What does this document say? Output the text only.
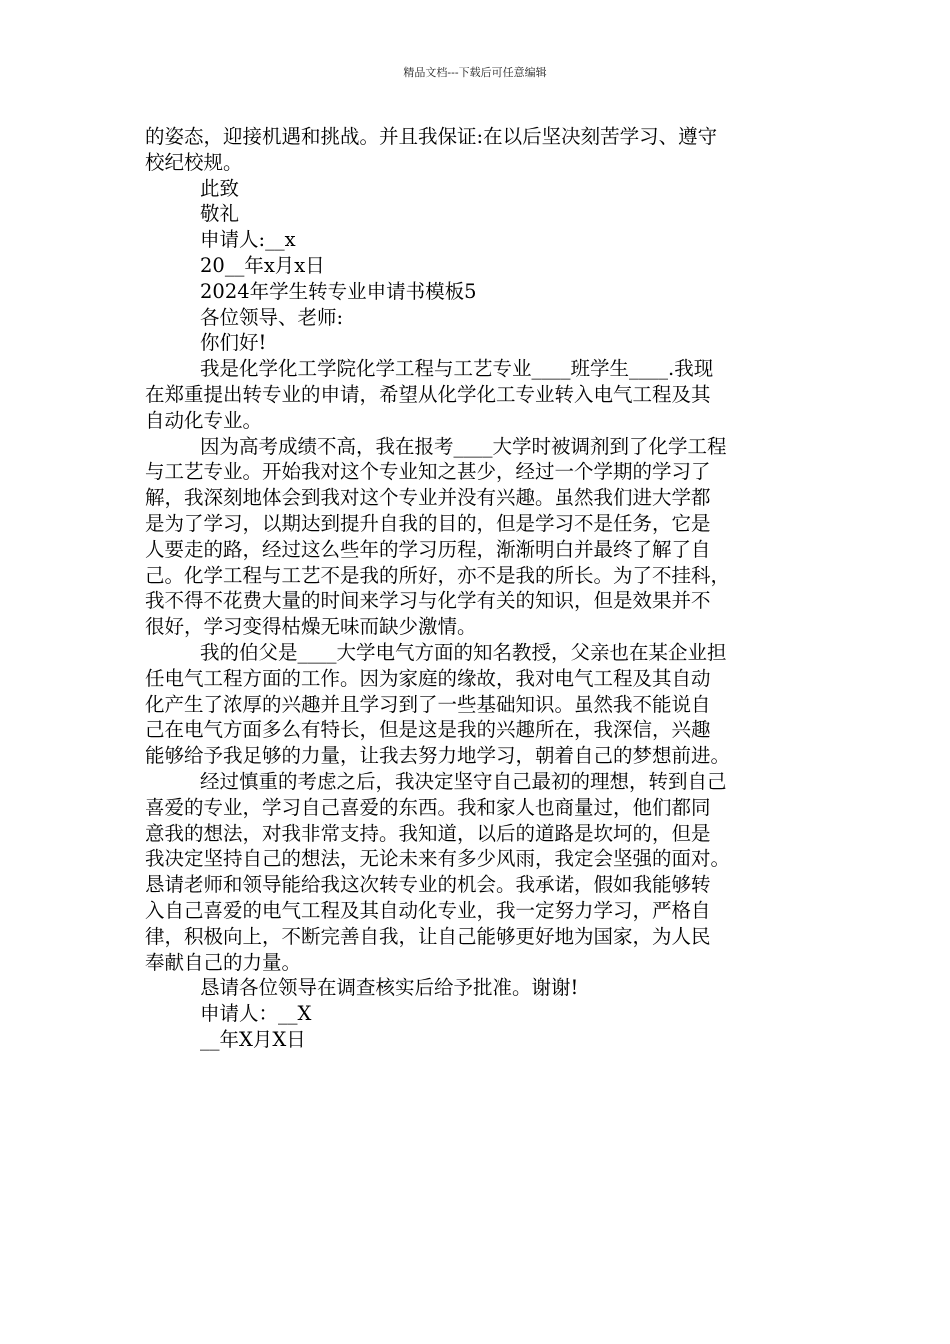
精品文档---下载后可任意编辑

的姿态，迎接机遇和挑战。并且我保证:在以后坚决刻苦学习、遵守

校纪校规。

此致

敬礼

申请人:__x

20__年x月x日

2024年学生转专业申请书模板5

各位领导、老师:

你们好!

我是化学化工学院化学工程与工艺专业____班学生____.我现

在郑重提出转专业的申请，希望从化学化工专业转入电气工程及其

自动化专业。

因为高考成绩不高，我在报考____大学时被调剂到了化学工程

与工艺专业。开始我对这个专业知之甚少，经过一个学期的学习了

解，我深刻地体会到我对这个专业并没有兴趣。虽然我们进大学都

是为了学习，以期达到提升自我的目的，但是学习不是任务，它是

人要走的路，经过这么些年的学习历程，渐渐明白并最终了解了自

己。化学工程与工艺不是我的所好，亦不是我的所长。为了不挂科，

我不得不花费大量的时间来学习与化学有关的知识，但是效果并不

很好，学习变得枯燥无味而缺少激情。

我的伯父是____大学电气方面的知名教授，父亲也在某企业担

任电气工程方面的工作。因为家庭的缘故，我对电气工程及其自动

化产生了浓厚的兴趣并且学习到了一些基础知识。虽然我不能说自

己在电气方面多么有特长，但是这是我的兴趣所在，我深信，兴趣

能够给予我足够的力量，让我去努力地学习，朝着自己的梦想前进。

经过慎重的考虑之后，我决定坚守自己最初的理想，转到自己

喜爱的专业，学习自己喜爱的东西。我和家人也商量过，他们都同

意我的想法，对我非常支持。我知道，以后的道路是坎坷的，但是

我决定坚持自己的想法，无论未来有多少风雨，我定会坚强的面对。

恳请老师和领导能给我这次转专业的机会。我承诺，假如我能够转

入自己喜爱的电气工程及其自动化专业，我一定努力学习，严格自

律，积极向上，不断完善自我，让自己能够更好地为国家，为人民

奉献自己的力量。

恳请各位领导在调查核实后给予批准。谢谢!

申请人：__X

__年X月X日
